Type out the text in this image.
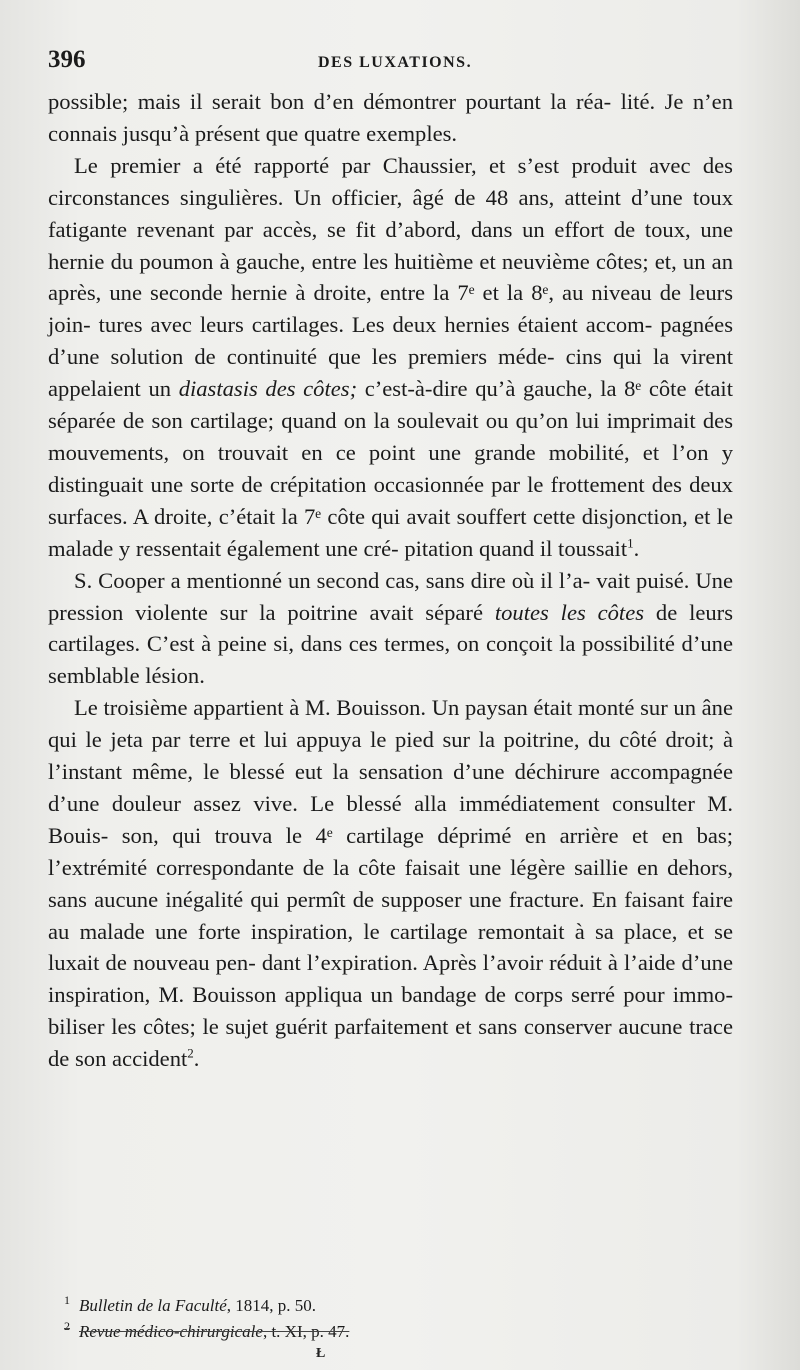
396	DES LUXATIONS.

possible; mais il serait bon d’en démontrer pourtant la réa- lité. Je n’en connais jusqu’à présent que quatre exemples.

Le premier a été rapporté par Chaussier, et s’est produit avec des circonstances singulières. Un officier, âgé de 48 ans, atteint d’une toux fatigante revenant par accès, se fit d’abord, dans un effort de toux, une hernie du poumon à gauche, entre les huitième et neuvième côtes; et, un an après, une seconde hernie à droite, entre la 7ᵉ et la 8ᵉ, au niveau de leurs join- tures avec leurs cartilages. Les deux hernies étaient accom- pagnées d’une solution de continuité que les premiers méde- cins qui la virent appelaient un diastasis des côtes; c’est-à-dire qu’à gauche, la 8ᵉ côte était séparée de son cartilage; quand on la soulevait ou qu’on lui imprimait des mouvements, on trouvait en ce point une grande mobilité, et l’on y distinguait une sorte de crépitation occasionnée par le frottement des deux surfaces. A droite, c’était la 7ᵉ côte qui avait souffert cette disjonction, et le malade y ressentait également une cré- pitation quand il toussait$^1$.

S. Cooper a mentionné un second cas, sans dire où il l’a- vait puisé. Une pression violente sur la poitrine avait séparé toutes les côtes de leurs cartilages. C’est à peine si, dans ces termes, on conçoit la possibilité d’une semblable lésion.

Le troisième appartient à M. Bouisson. Un paysan était monté sur un âne qui le jeta par terre et lui appuya le pied sur la poitrine, du côté droit; à l’instant même, le blessé eut la sensation d’une déchirure accompagnée d’une douleur assez vive. Le blessé alla immédiatement consulter M. Bouis- son, qui trouva le 4ᵉ cartilage déprimé en arrière et en bas; l’extrémité correspondante de la côte faisait une légère saillie en dehors, sans aucune inégalité qui permît de supposer une fracture. En faisant faire au malade une forte inspiration, le cartilage remontait à sa place, et se luxait de nouveau pen- dant l’expiration. Après l’avoir réduit à l’aide d’une inspiration, M. Bouisson appliqua un bandage de corps serré pour immo- biliser les côtes; le sujet guérit parfaitement et sans conserver aucune trace de son accident$^2$.

$^1$ Bulletin de la Faculté, 1814, p. 50.
$^2$ Revue médico-chirurgicale, t. XI, p. 47.
Ł
